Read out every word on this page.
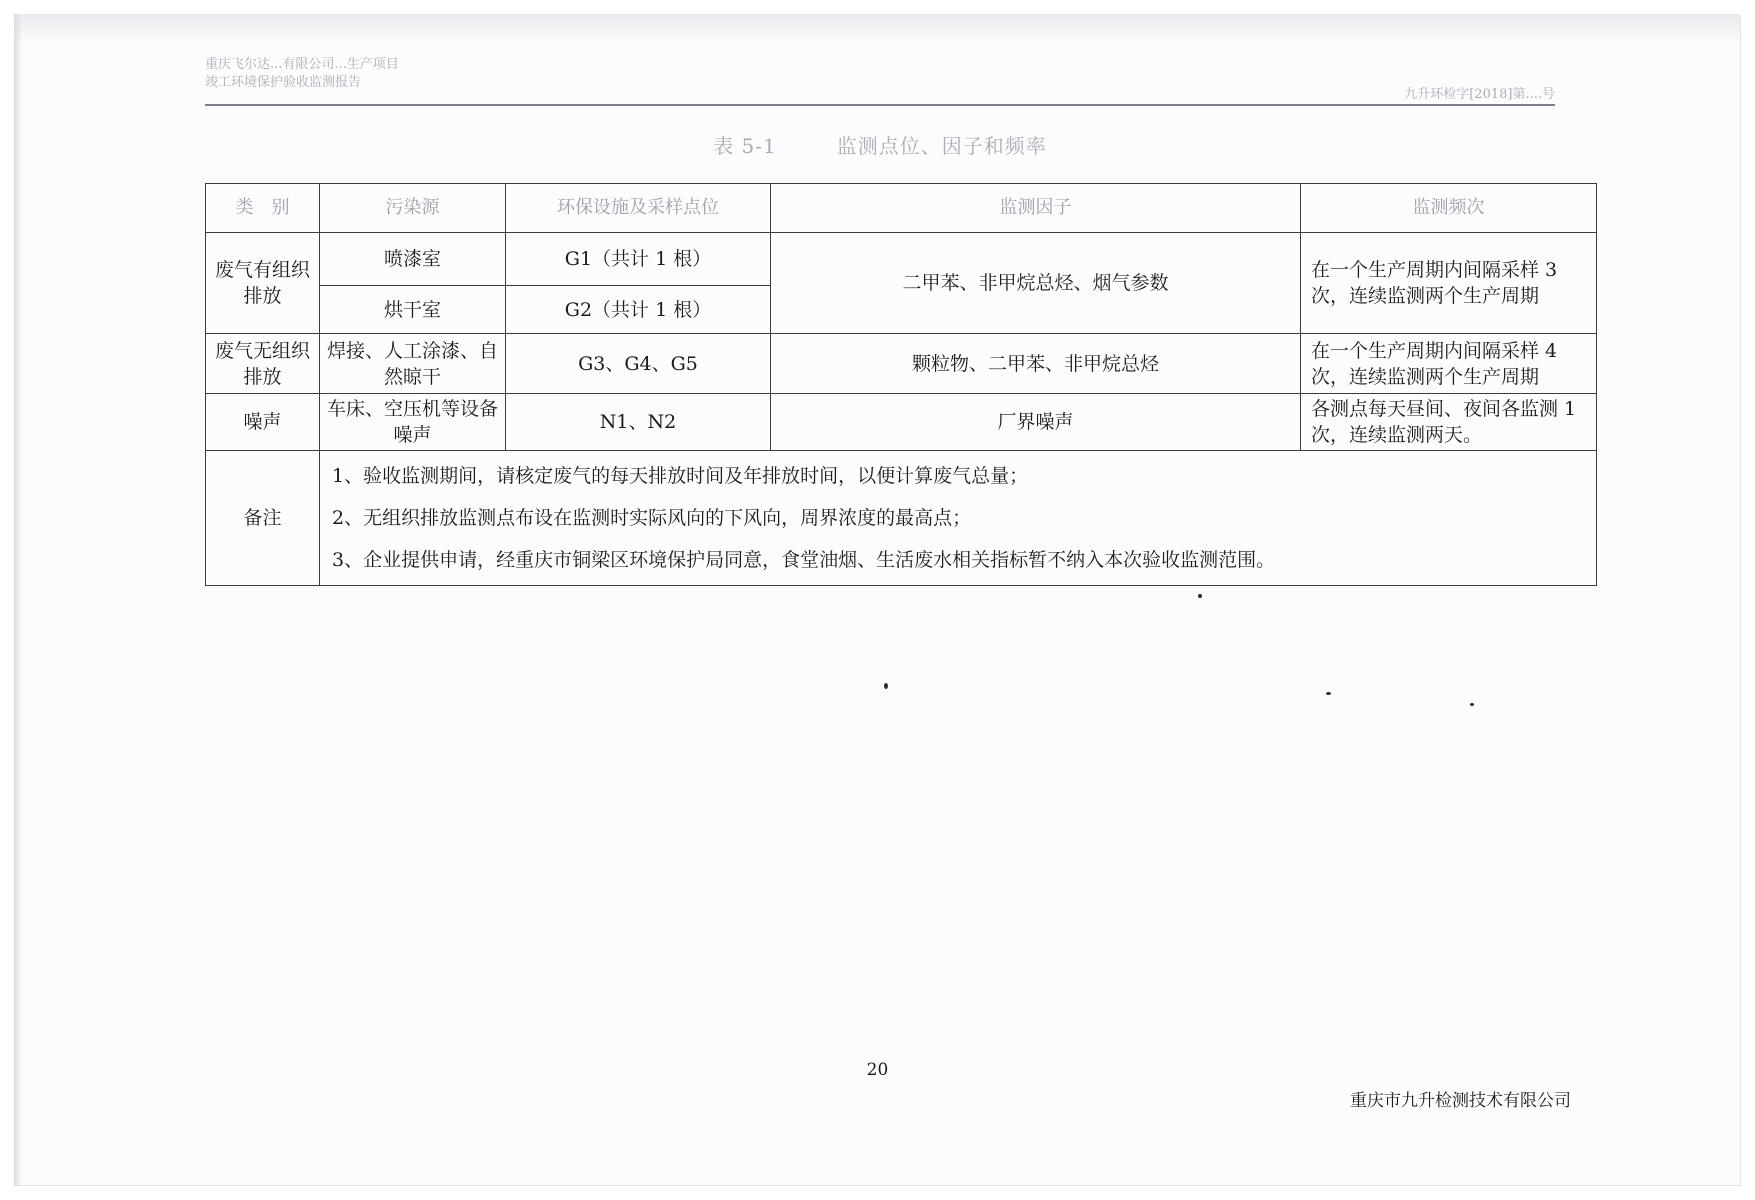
重庆飞尔达...有限公司...生产项目
竣工环境保护验收监测报告
九升环检字[2018]第....号
表 5-1	监测点位、因子和频率
类　别	污染源	环保设施及采样点位	监测因子	监测频次
废气有组织排放	喷漆室	G1（共计 1 根）	二甲苯、非甲烷总烃、烟气参数	在一个生产周期内间隔采样 3 次，连续监测两个生产周期
	烘干室	G2（共计 1 根）		
废气无组织排放	焊接、人工涂漆、自然晾干	G3、G4、G5	颗粒物、二甲苯、非甲烷总烃	在一个生产周期内间隔采样 4 次，连续监测两个生产周期
噪声	车床、空压机等设备噪声	N1、N2	厂界噪声	各测点每天昼间、夜间各监测 1 次，连续监测两天。
备注	1、验收监测期间，请核定废气的每天排放时间及年排放时间，以便计算废气总量；
2、无组织排放监测点布设在监测时实际风向的下风向，周界浓度的最高点；
3、企业提供申请，经重庆市铜梁区环境保护局同意，食堂油烟、生活废水相关指标暂不纳入本次验收监测范围。			
20
重庆市九升检测技术有限公司
